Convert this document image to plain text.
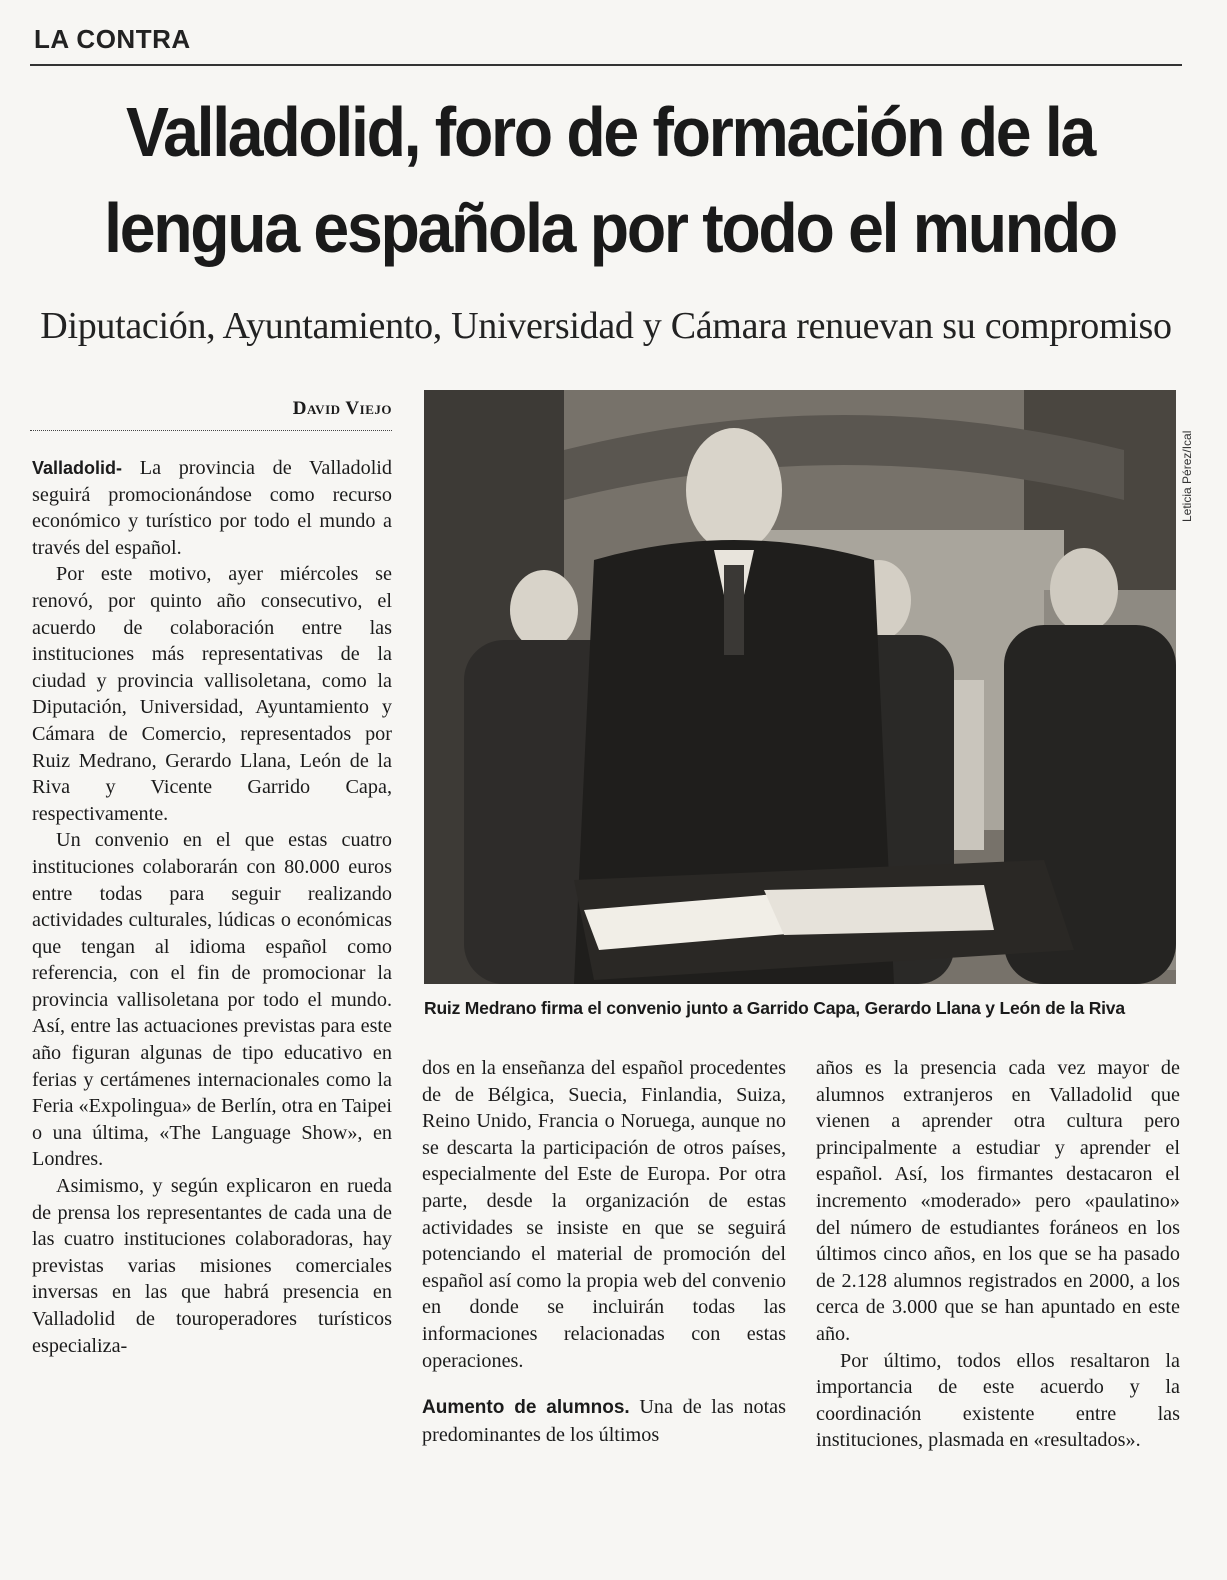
LA CONTRA
Valladolid, foro de formación de la lengua española por todo el mundo
Diputación, Ayuntamiento, Universidad y Cámara renuevan su compromiso
David Viejo

Valladolid- La provincia de Valladolid seguirá promocionándose como recurso económico y turístico por todo el mundo a través del español.

Por este motivo, ayer miércoles se renovó, por quinto año consecutivo, el acuerdo de colaboración entre las instituciones más representativas de la ciudad y provincia vallisoletana, como la Diputación, Universidad, Ayuntamiento y Cámara de Comercio, representados por Ruiz Medrano, Gerardo Llana, León de la Riva y Vicente Garrido Capa, respectivamente.

Un convenio en el que estas cuatro instituciones colaborarán con 80.000 euros entre todas para seguir realizando actividades culturales, lúdicas o económicas que tengan al idioma español como referencia, con el fin de promocionar la provincia vallisoletana por todo el mundo. Así, entre las actuaciones previstas para este año figuran algunas de tipo educativo en ferias y certámenes internacionales como la Feria «Expolingua» de Berlín, otra en Taipei o una última, «The Language Show», en Londres.

Asimismo, y según explicaron en rueda de prensa los representantes de cada una de las cuatro instituciones colaboradoras, hay previstas varias misiones comerciales inversas en las que habrá presencia en Valladolid de touroperadores turísticos especializa-

Leticia Pérez/Ical
Ruiz Medrano firma el convenio junto a Garrido Capa, Gerardo Llana y León de la Riva

dos en la enseñanza del español procedentes de de Bélgica, Suecia, Finlandia, Suiza, Reino Unido, Francia o Noruega, aunque no se descarta la participación de otros países, especialmente del Este de Europa. Por otra parte, desde la organización de estas actividades se insiste en que se seguirá potenciando el material de promoción del español así como la propia web del convenio en donde se incluirán todas las informaciones relacionadas con estas operaciones.

Aumento de alumnos. Una de las notas predominantes de los últimos

años es la presencia cada vez mayor de alumnos extranjeros en Valladolid que vienen a aprender otra cultura pero principalmente a estudiar y aprender el español. Así, los firmantes destacaron el incremento «moderado» pero «paulatino» del número de estudiantes foráneos en los últimos cinco años, en los que se ha pasado de 2.128 alumnos registrados en 2000, a los cerca de 3.000 que se han apuntado en este año.

Por último, todos ellos resaltaron la importancia de este acuerdo y la coordinación existente entre las instituciones, plasmada en «resultados».
